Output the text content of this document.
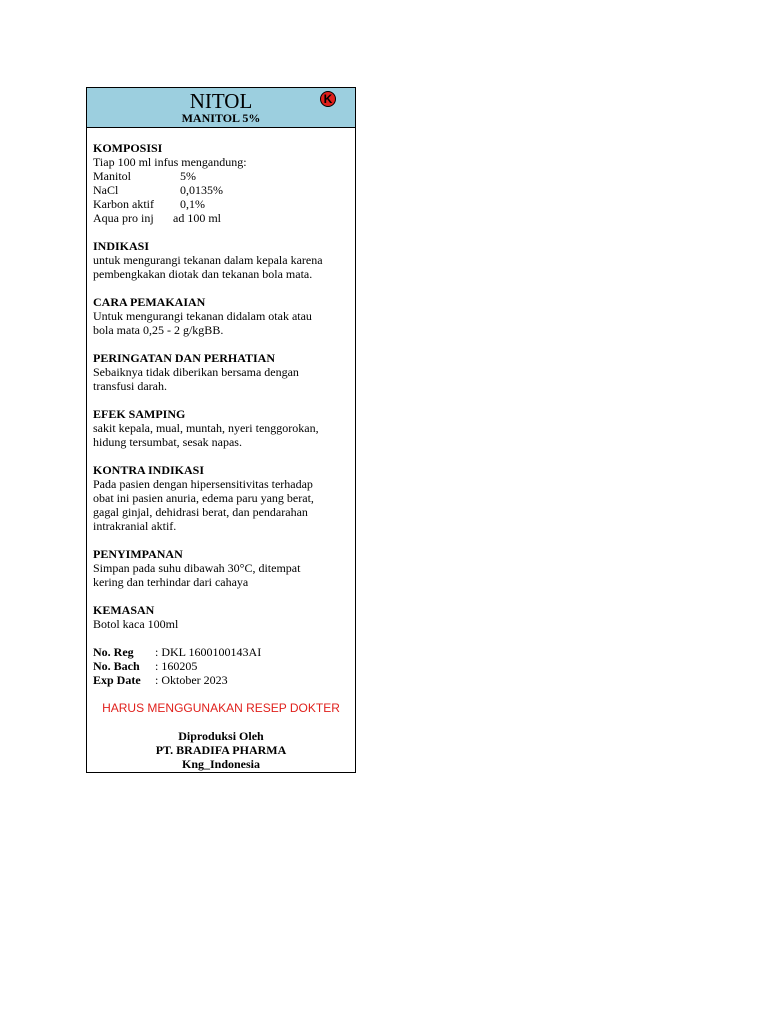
NITOL	K
MANITOL 5%
KOMPOSISI
Tiap 100 ml infus mengandung:
Manitol	5%
NaCl	0,0135%
Karbon aktif	0,1%
Aqua pro inj	ad 100 ml
INDIKASI
untuk mengurangi tekanan dalam kepala karena
pembengkakan diotak dan tekanan bola mata.
CARA PEMAKAIAN
Untuk mengurangi tekanan didalam otak atau
bola mata 0,25 - 2 g/kgBB.
PERINGATAN DAN PERHATIAN
Sebaiknya tidak diberikan bersama dengan
transfusi darah.
EFEK SAMPING
sakit kepala, mual, muntah, nyeri tenggorokan,
hidung tersumbat, sesak napas.
KONTRA INDIKASI
Pada pasien dengan hipersensitivitas terhadap
obat ini pasien anuria, edema paru yang berat,
gagal ginjal, dehidrasi berat, dan pendarahan
intrakranial aktif.
PENYIMPANAN
Simpan pada suhu dibawah 30°C, ditempat
kering dan terhindar dari cahaya
KEMASAN
Botol kaca 100ml
No. Reg	: DKL 1600100143AI
No. Bach	: 160205
Exp Date	: Oktober 2023
HARUS MENGGUNAKAN RESEP DOKTER
Diproduksi Oleh
PT. BRADIFA PHARMA
Kng_Indonesia
